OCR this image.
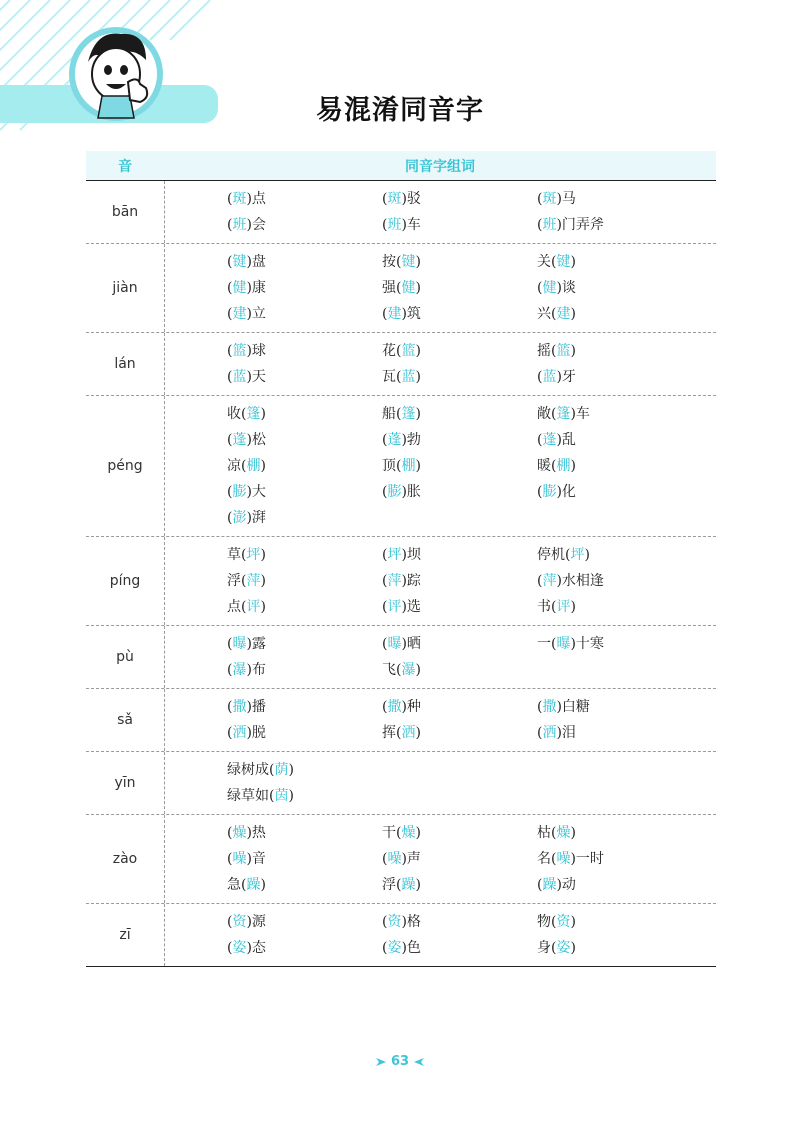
易混淆同音字
音	同音字组词
bān
(斑)点	(斑)驳	(斑)马
(班)会	(班)车	(班)门弄斧
jiàn
(键)盘	按(键)	关(键)
(健)康	强(健)	(健)谈
(建)立	(建)筑	兴(建)
lán
(篮)球	花(篮)	摇(篮)
(蓝)天	瓦(蓝)	(蓝)牙
péng
收(篷)	船(篷)	敞(篷)车
(蓬)松	(蓬)勃	(蓬)乱
凉(棚)	顶(棚)	暖(棚)
(膨)大	(膨)胀	(膨)化
(澎)湃
píng
草(坪)	(坪)坝	停机(坪)
浮(萍)	(萍)踪	(萍)水相逢
点(评)	(评)选	书(评)
pù
(曝)露	(曝)晒	一(曝)十寒
(瀑)布	飞(瀑)
sǎ
(撒)播	(撒)种	(撒)白糖
(洒)脱	挥(洒)	(洒)泪
yīn
绿树成(荫)
绿草如(茵)
zào
(燥)热	干(燥)	枯(燥)
(噪)音	(噪)声	名(噪)一时
急(躁)	浮(躁)	(躁)动
zī
(资)源	(资)格	物(资)
(姿)态	(姿)色	身(姿)
63
